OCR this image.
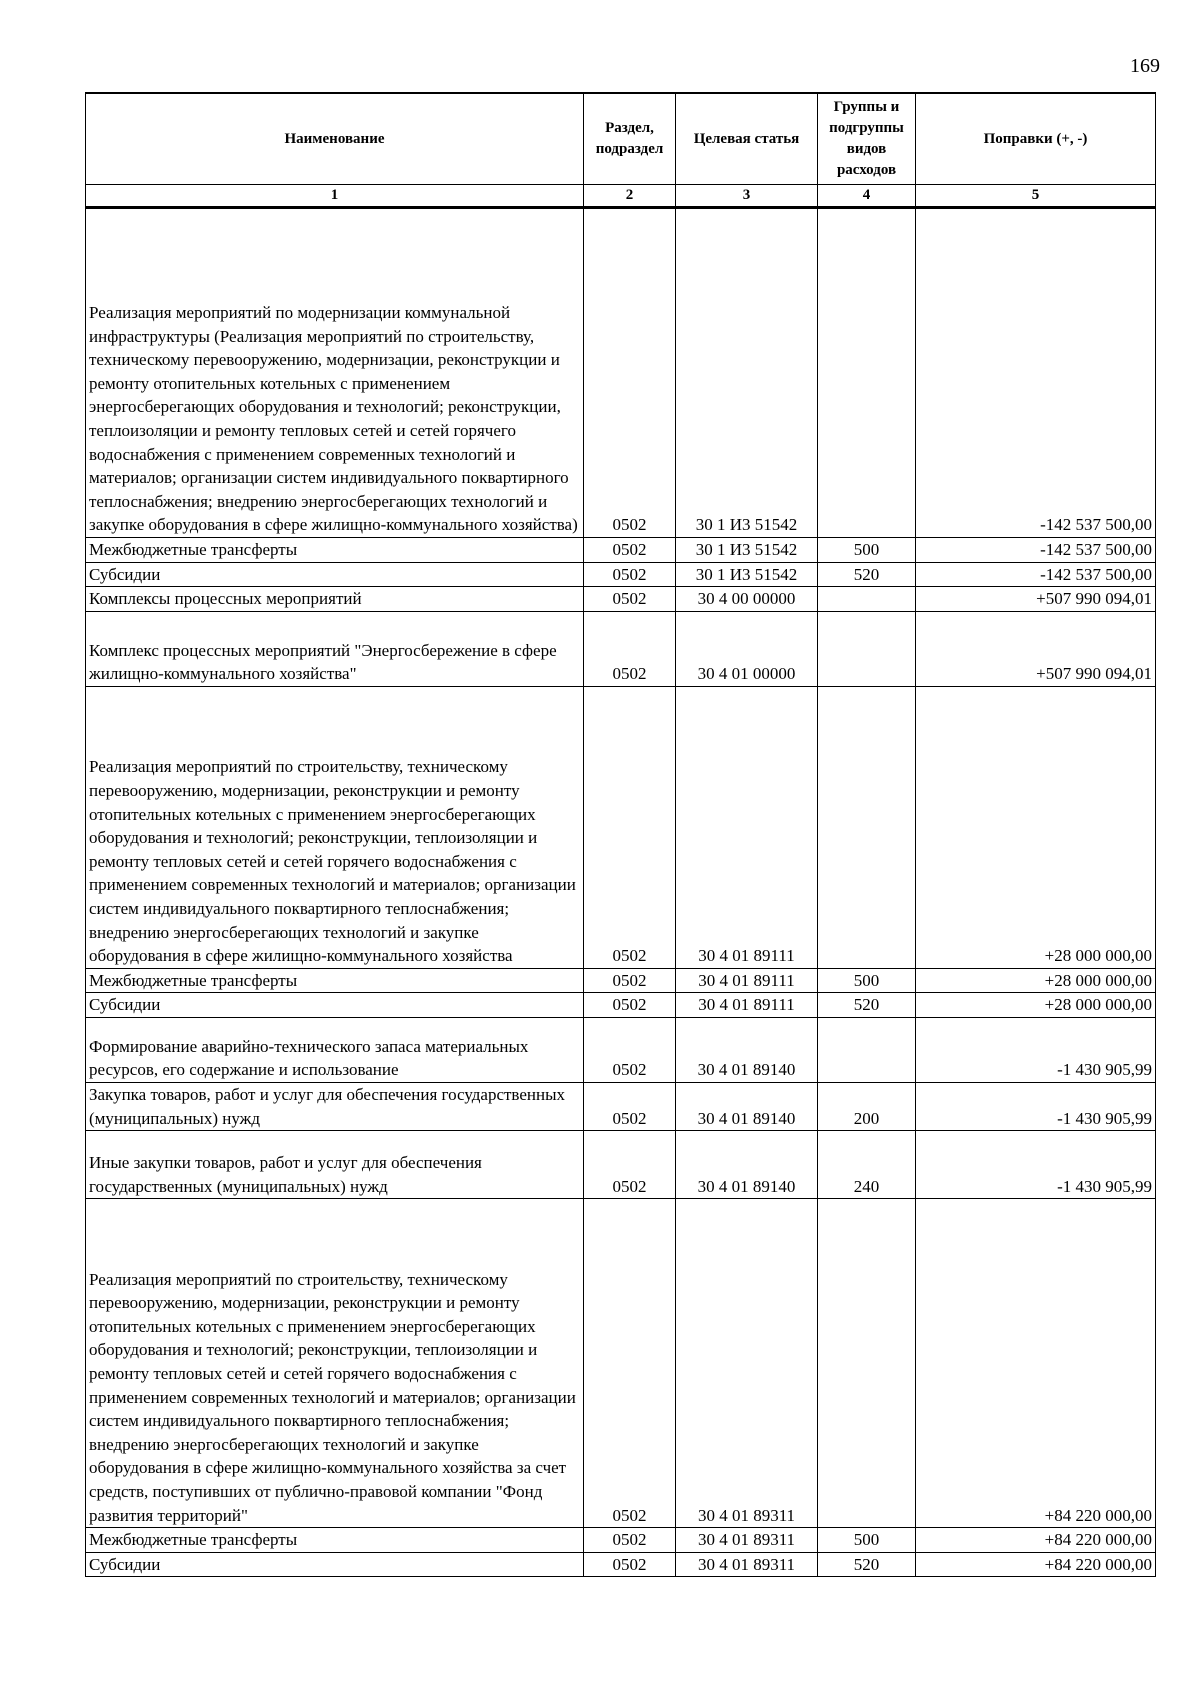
169
Наименование	Раздел, подраздел	Целевая статья	Группы и подгруппы видов расходов	Поправки (+, -)
1	2	3	4	5
Реализация мероприятий по модернизации коммунальной инфраструктуры (Реализация мероприятий по строительству, техническому перевооружению, модернизации, реконструкции и ремонту отопительных котельных с применением энергосберегающих оборудования и технологий; реконструкции, теплоизоляции и ремонту тепловых сетей и сетей горячего водоснабжения с применением современных технологий и материалов; организации систем индивидуального поквартирного теплоснабжения; внедрению энергосберегающих технологий и закупке оборудования в сфере жилищно-коммунального хозяйства)	0502	30 1 И3 51542		-142 537 500,00
Межбюджетные трансферты	0502	30 1 И3 51542	500	-142 537 500,00
Субсидии	0502	30 1 И3 51542	520	-142 537 500,00
Комплексы процессных мероприятий	0502	30 4 00 00000		+507 990 094,01
Комплекс процессных мероприятий "Энергосбережение в сфере жилищно-коммунального хозяйства"	0502	30 4 01 00000		+507 990 094,01
Реализация мероприятий по строительству, техническому перевооружению, модернизации, реконструкции и ремонту отопительных котельных с применением энергосберегающих оборудования и технологий; реконструкции, теплоизоляции и ремонту тепловых сетей и сетей горячего водоснабжения с применением современных технологий и материалов; организации систем индивидуального поквартирного теплоснабжения; внедрению энергосберегающих технологий и закупке оборудования в сфере жилищно-коммунального хозяйства	0502	30 4 01 89111		+28 000 000,00
Межбюджетные трансферты	0502	30 4 01 89111	500	+28 000 000,00
Субсидии	0502	30 4 01 89111	520	+28 000 000,00
Формирование аварийно-технического запаса материальных ресурсов, его содержание и использование	0502	30 4 01 89140		-1 430 905,99
Закупка товаров, работ и услуг для обеспечения государственных (муниципальных) нужд	0502	30 4 01 89140	200	-1 430 905,99
Иные закупки товаров, работ и услуг для обеспечения государственных (муниципальных) нужд	0502	30 4 01 89140	240	-1 430 905,99
Реализация мероприятий по строительству, техническому перевооружению, модернизации, реконструкции и ремонту отопительных котельных с применением энергосберегающих оборудования и технологий; реконструкции, теплоизоляции и ремонту тепловых сетей и сетей горячего водоснабжения с применением современных технологий и материалов; организации систем индивидуального поквартирного теплоснабжения; внедрению энергосберегающих технологий и закупке оборудования в сфере жилищно-коммунального хозяйства за счет средств, поступивших от публично-правовой компании "Фонд развития территорий"	0502	30 4 01 89311		+84 220 000,00
Межбюджетные трансферты	0502	30 4 01 89311	500	+84 220 000,00
Субсидии	0502	30 4 01 89311	520	+84 220 000,00
